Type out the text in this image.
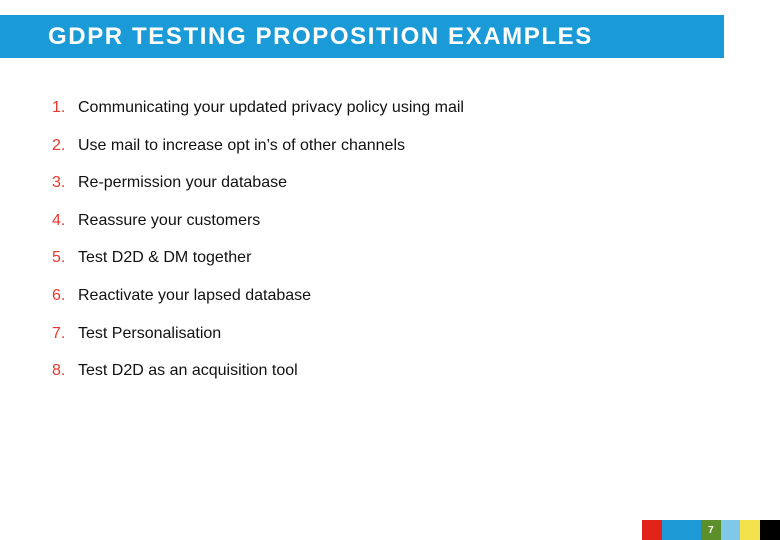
GDPR TESTING PROPOSITION EXAMPLES
1. Communicating your updated privacy policy using mail
2. Use mail to increase opt in’s of other channels
3. Re-permission your database
4. Reassure your customers
5. Test D2D & DM together
6. Reactivate your lapsed database
7. Test Personalisation
8. Test D2D as an acquisition tool
7
